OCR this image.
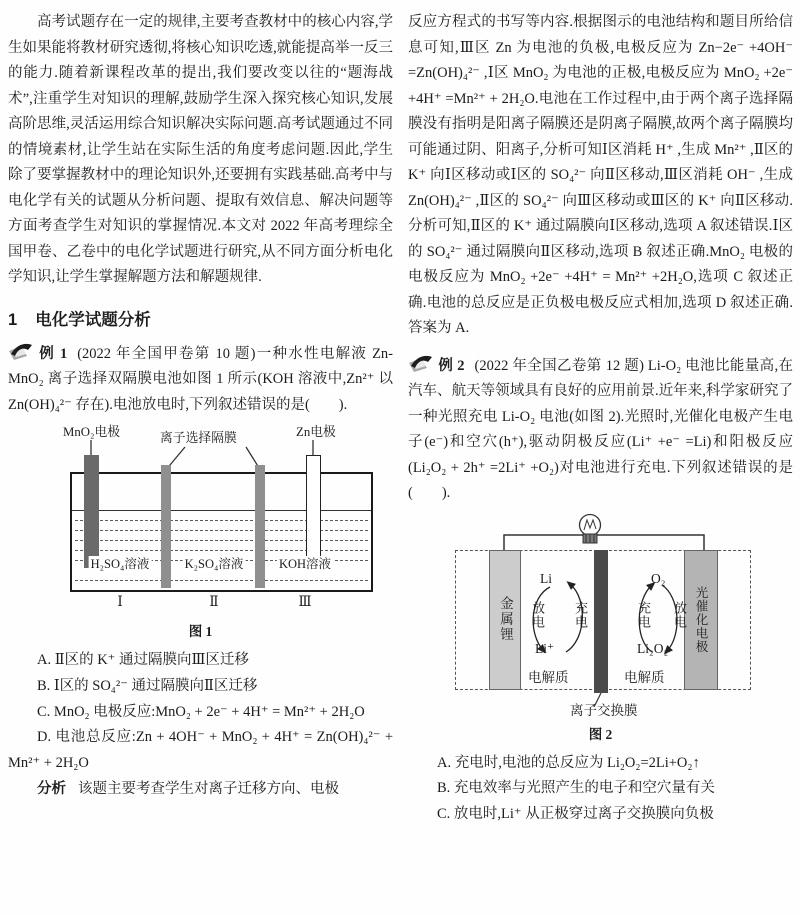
高考试题存在一定的规律,主要考查教材中的核心内容,学生如果能将教材研究透彻,将核心知识吃透,就能提高举一反三的能力.随着新课程改革的提出,我们要改变以往的“题海战术”,注重学生对知识的理解,鼓励学生深入探究核心知识,发展高阶思维,灵活运用综合知识解决实际问题.高考试题通过不同的情境素材,让学生站在实际生活的角度考虑问题.因此,学生除了要掌握教材中的理论知识外,还要拥有实践基础.高考中与电化学有关的试题从分析问题、提取有效信息、解决问题等方面考查学生对知识的掌握情况.本文对 2022 年高考理综全国甲卷、乙卷中的电化学试题进行研究,从不同方面分析电化学知识,让学生掌握解题方法和解题规律.

1 电化学试题分析

例 1 (2022 年全国甲卷第 10 题)一种水性电解液 Zn-MnO₂ 离子选择双隔膜电池如图 1 所示(KOH 溶液中,Zn²⁺ 以 Zn(OH)₄²⁻ 存在).电池放电时,下列叙述错误的是(　　).

MnO₂电极	离子选择隔膜	Zn电极
H₂SO₄溶液	K₂SO₄溶液	KOH溶液
Ⅰ	Ⅱ	Ⅲ
图 1
A. Ⅱ区的 K⁺ 通过隔膜向Ⅲ区迁移
B. Ⅰ区的 SO₄²⁻ 通过隔膜向Ⅱ区迁移
C. MnO₂ 电极反应:MnO₂ + 2e⁻ + 4H⁺ = Mn²⁺ + 2H₂O
D. 电池总反应:Zn + 4OH⁻ + MnO₂ + 4H⁺ = Zn(OH)₄²⁻ + Mn²⁺ + 2H₂O

分析 该题主要考查学生对离子迁移方向、电极

反应方程式的书写等内容.根据图示的电池结构和题目所给信息可知,Ⅲ区 Zn 为电池的负极,电极反应为 Zn−2e⁻ +4OH⁻ =Zn(OH)₄²⁻ ,Ⅰ区 MnO₂ 为电池的正极,电极反应为 MnO₂ +2e⁻ +4H⁺ =Mn²⁺ + 2H₂O.电池在工作过程中,由于两个离子选择隔膜没有指明是阳离子隔膜还是阴离子隔膜,故两个离子隔膜均可能通过阴、阳离子,分析可知Ⅰ区消耗 H⁺ ,生成 Mn²⁺ ,Ⅱ区的 K⁺ 向Ⅰ区移动或Ⅰ区的 SO₄²⁻ 向Ⅱ区移动,Ⅲ区消耗 OH⁻ ,生成 Zn(OH)₄²⁻ ,Ⅱ区的 SO₄²⁻ 向Ⅲ区移动或Ⅲ区的 K⁺ 向Ⅱ区移动.分析可知,Ⅱ区的 K⁺ 通过隔膜向Ⅰ区移动,选项 A 叙述错误.Ⅰ区的 SO₄²⁻ 通过隔膜向Ⅱ区移动,选项 B 叙述正确.MnO₂ 电极的电极反应为 MnO₂ +2e⁻ +4H⁺ = Mn²⁺ +2H₂O,选项 C 叙述正确.电池的总反应是正负极电极反应式相加,选项 D 叙述正确.答案为 A.

例 2 (2022 年全国乙卷第 12 题) Li-O₂ 电池比能量高,在汽车、航天等领域具有良好的应用前景.近年来,科学家研究了一种光照充电 Li-O₂ 电池(如图 2).光照时,光催化电极产生电子(e⁻)和空穴(h⁺),驱动阴极反应(Li⁺ +e⁻ =Li)和阳极反应(Li₂O₂ + 2h⁺ =2Li⁺ +O₂)对电池进行充电.下列叙述错误的是(　　).

金属锂	光催化电极
Li
Li⁺
放电 充电
O₂
Li₂O₂
充电 放电
电解质	电解质
离子交换膜
图 2
A. 充电时,电池的总反应为 Li₂O₂=2Li+O₂↑
B. 充电效率与光照产生的电子和空穴量有关
C. 放电时,Li⁺ 从正极穿过离子交换膜向负极
